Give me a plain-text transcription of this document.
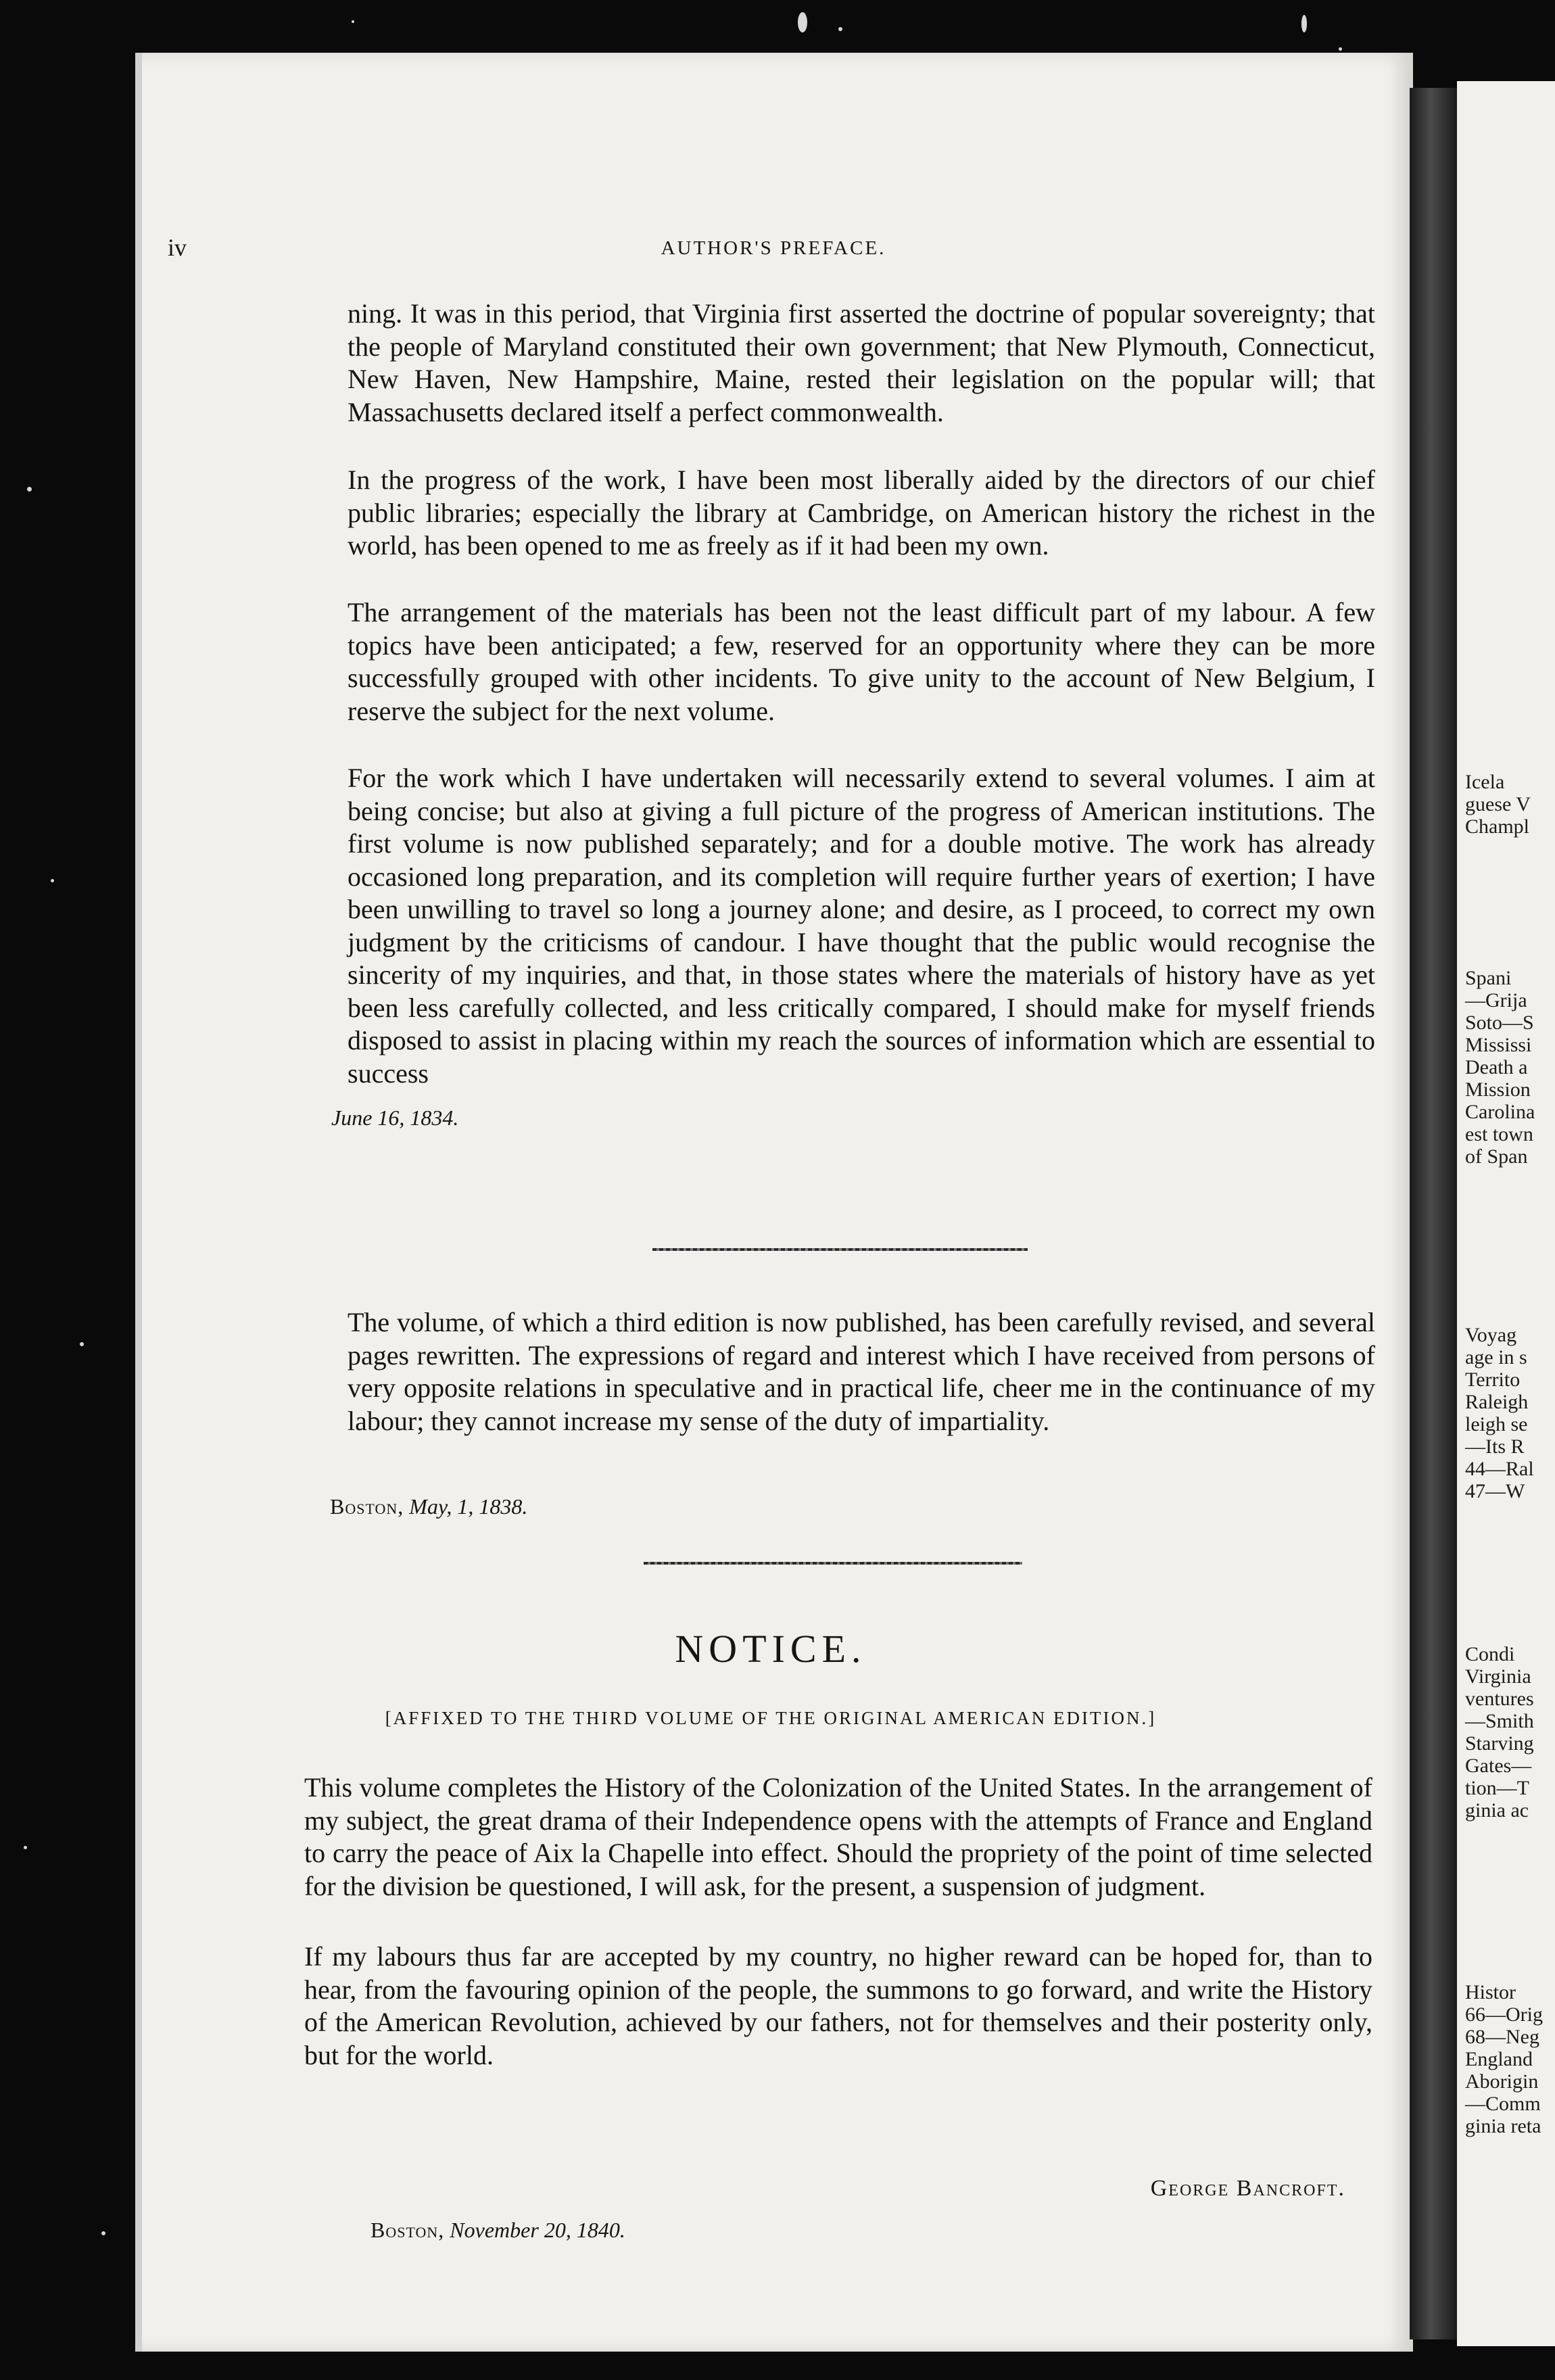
Icela
guese V
Champl
Spani
—Grija
Soto—S
Mississi
Death a
Mission
Carolina
est town
of Span
Voyag
age in s
Territo
Raleigh
leigh se
—Its R
44—Ral
47—W
Condi
Virginia
ventures
—Smith
Starving
Gates—
tion—T
ginia ac
Histor
66—Orig
68—Neg
England
Aborigin
—Comm
ginia reta
iv	AUTHOR'S PREFACE.

ning. It was in this period, that Virginia first asserted the doctrine of popular sovereignty; that the people of Maryland constituted their own government; that New Plymouth, Connecticut, New Haven, New Hampshire, Maine, rested their legislation on the popular will; that Massachusetts declared itself a perfect commonwealth.

In the progress of the work, I have been most liberally aided by the directors of our chief public libraries; especially the library at Cambridge, on American history the richest in the world, has been opened to me as freely as if it had been my own.

The arrangement of the materials has been not the least difficult part of my labour. A few topics have been anticipated; a few, reserved for an opportunity where they can be more successfully grouped with other incidents. To give unity to the account of New Belgium, I reserve the subject for the next volume.

For the work which I have undertaken will necessarily extend to several volumes. I aim at being concise; but also at giving a full picture of the progress of American institutions. The first volume is now published separately; and for a double motive. The work has already occasioned long preparation, and its completion will require further years of exertion; I have been unwilling to travel so long a journey alone; and desire, as I proceed, to correct my own judgment by the criticisms of candour. I have thought that the public would recognise the sincerity of my inquiries, and that, in those states where the materials of history have as yet been less carefully collected, and less critically compared, I should make for myself friends disposed to assist in placing within my reach the sources of information which are essential to success

June 16, 1834.

The volume, of which a third edition is now published, has been carefully revised, and several pages rewritten. The expressions of regard and interest which I have received from persons of very opposite relations in speculative and in practical life, cheer me in the continuance of my labour; they cannot increase my sense of the duty of impartiality.

Boston, May, 1, 1838.
NOTICE.
[AFFIXED TO THE THIRD VOLUME OF THE ORIGINAL AMERICAN EDITION.]

This volume completes the History of the Colonization of the United States. In the arrangement of my subject, the great drama of their Independence opens with the attempts of France and England to carry the peace of Aix la Chapelle into effect. Should the propriety of the point of time selected for the division be questioned, I will ask, for the present, a suspension of judgment.

If my labours thus far are accepted by my country, no higher reward can be hoped for, than to hear, from the favouring opinion of the people, the summons to go forward, and write the History of the American Revolution, achieved by our fathers, not for themselves and their posterity only, but for the world.

George Bancroft.
Boston, November 20, 1840.
